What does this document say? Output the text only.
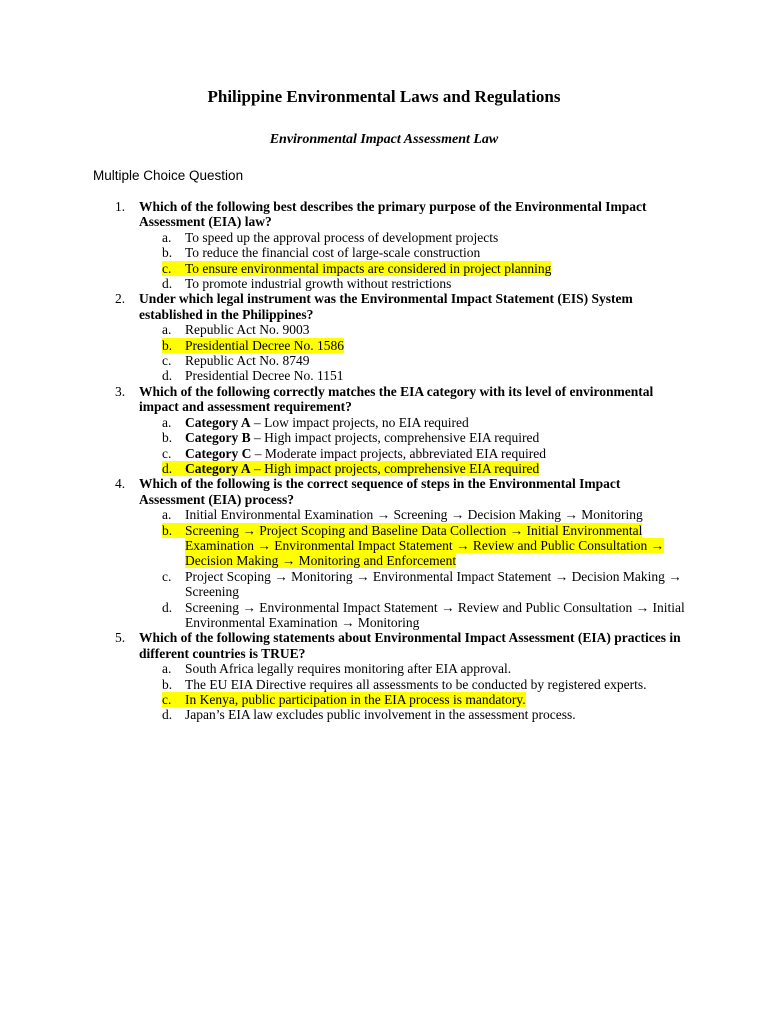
Philippine Environmental Laws and Regulations
Environmental Impact Assessment Law
Multiple Choice Question
1.	Which of the following best describes the primary purpose of the Environmental Impact Assessment (EIA) law?
a.	To speed up the approval process of development projects
b. To reduce the financial cost of large-scale construction
c.	To ensure environmental impacts are considered in project planning
d. To promote industrial growth without restrictions
2.	Under which legal instrument was the Environmental Impact Statement (EIS) System established in the Philippines?
a.	Republic Act No. 9003
b. Presidential Decree No. 1586
c.	Republic Act No. 8749
d. Presidential Decree No. 1151
3.	Which of the following correctly matches the EIA category with its level of environmental impact and assessment requirement?
a.	Category A – Low impact projects, no EIA required
b. Category B – High impact projects, comprehensive EIA required
c.	Category C – Moderate impact projects, abbreviated EIA required
d. Category A – High impact projects, comprehensive EIA required
4.	Which of the following is the correct sequence of steps in the Environmental Impact Assessment (EIA) process?
a.	Initial Environmental Examination → Screening → Decision Making → Monitoring
b. Screening → Project Scoping and Baseline Data Collection → Initial Environmental Examination → Environmental Impact Statement → Review and Public Consultation → Decision Making → Monitoring and Enforcement
c.	Project Scoping → Monitoring → Environmental Impact Statement → Decision Making → Screening
d. Screening → Environmental Impact Statement → Review and Public Consultation → Initial Environmental Examination → Monitoring
5.	Which of the following statements about Environmental Impact Assessment (EIA) practices in different countries is TRUE?
a.	South Africa legally requires monitoring after EIA approval.
b. The EU EIA Directive requires all assessments to be conducted by registered experts.
c.	In Kenya, public participation in the EIA process is mandatory.
d. Japan’s EIA law excludes public involvement in the assessment process.
